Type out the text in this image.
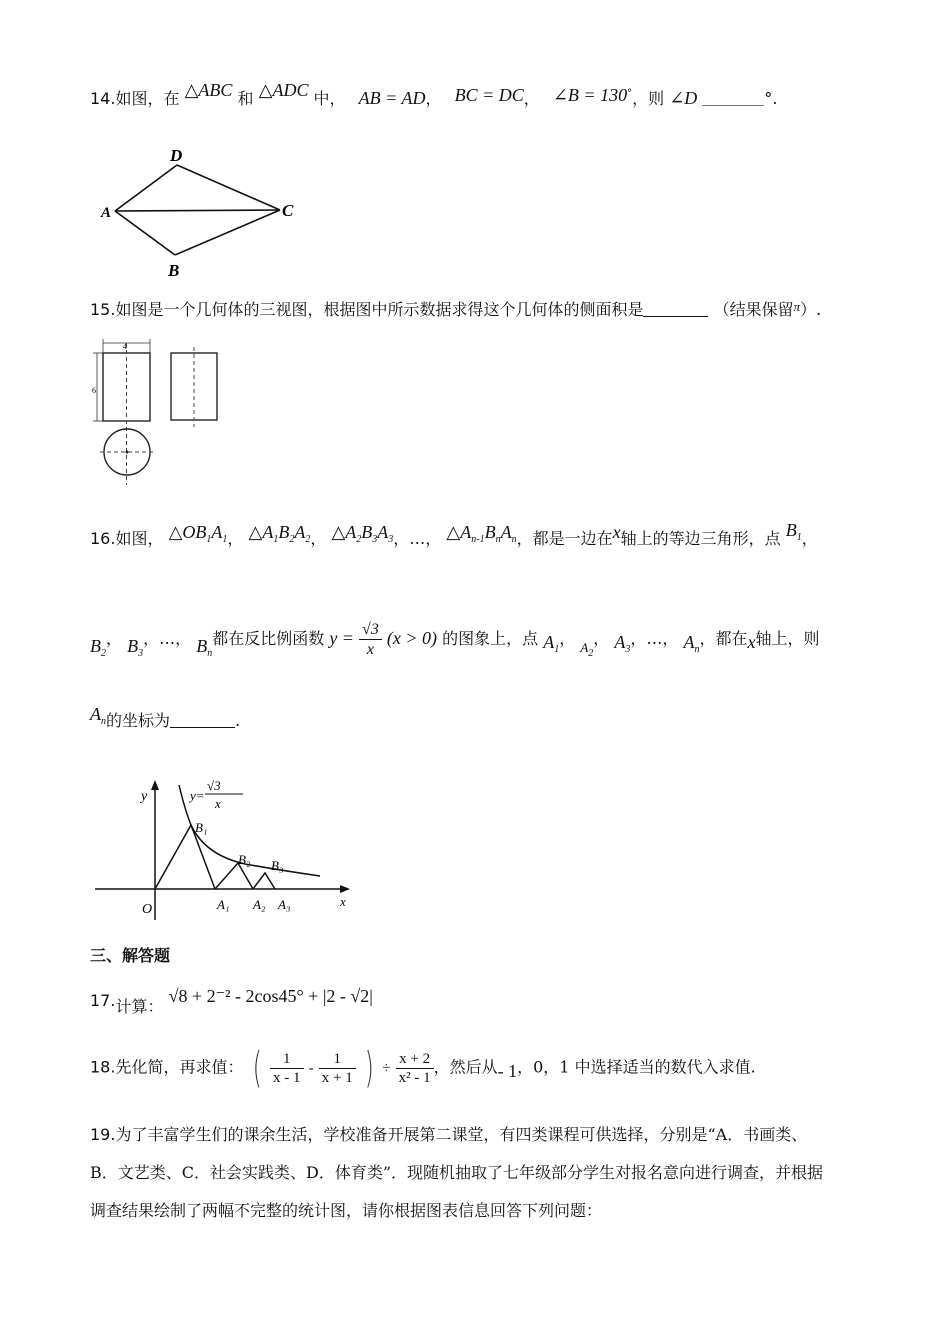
14.如图，在 △ABC 和 △ADC 中， AB = AD， BC = DC， ∠B = 130°，则 ∠D	°.
D
A	C
B
15.如图是一个几何体的三视图，根据图中所示数据求得这个几何体的侧面积是	（结果保留$^\pi$）.
4
6
16.如图， $\triangle OB_1A_1$， $\triangle A_1B_2A_2$， $\triangle A_2B_3A_3$，…， $\triangle A_{n-1}B_nA_n$，都是一边在x轴上的等边三角形，点 $B_1$，
$B_2$， $B_3$，…， $B_n$都在反比例函数 $y = \frac{√3}{x} (x > 0)$ 的图象上，点 $A_1$， $_{A_2}$， $A_3$，…， $A_n$，都在x轴上，则
$A_n$的坐标为	.
y
x
O
y=
√3
x
B₁
B₂ B₃
A₁ A₂ A₃
三、解答题
17.计算： √8 + 2⁻² - 2cos45° + |2 - √2|
18.先化简，再求值： ( $\frac{1}{x - 1} - \frac{1}{x + 1}$ ) ÷ $\frac{x + 2}{\text{x² - 1}}$ ，然后从- 1，0，1 中选择适当的数代入求值.
19.为了丰富学生们的课余生活，学校准备开展第二课堂，有四类课程可供选择，分别是“A．书画类、
B．文艺类、C．社会实践类、D．体育类”．现随机抽取了七年级部分学生对报名意向进行调查，并根据
调查结果绘制了两幅不完整的统计图，请你根据图表信息回答下列问题：
